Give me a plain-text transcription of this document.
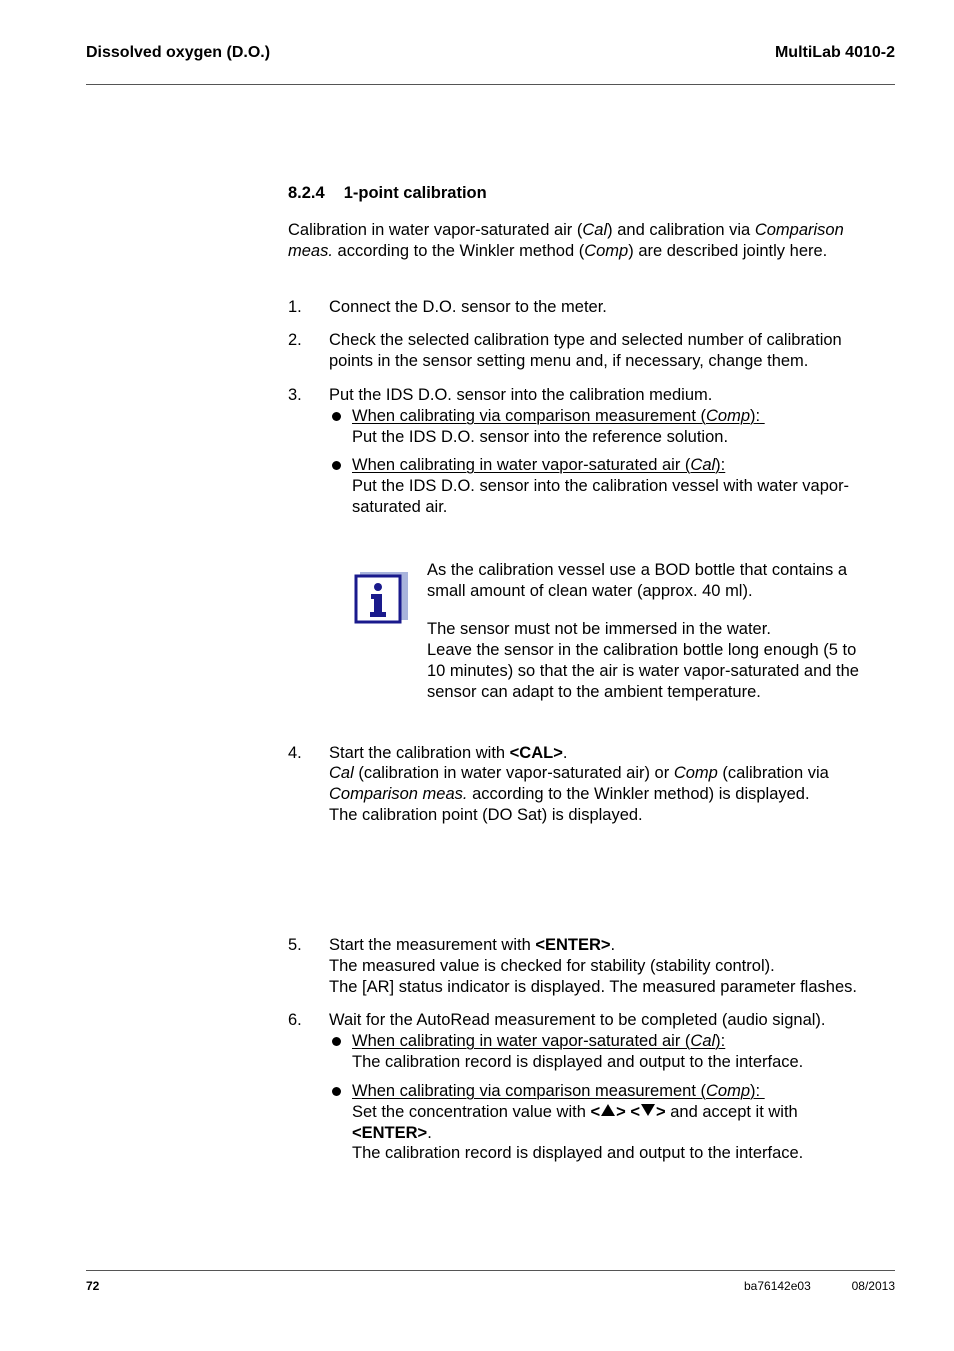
Dissolved oxygen (D.O.)	MultiLab 4010-2
8.2.4 1-point calibration
Calibration in water vapor-saturated air (Cal) and calibration via Comparison
meas. according to the Winkler method (Comp) are described jointly here.
1. Connect the D.O. sensor to the meter.
2. Check the selected calibration type and selected number of calibration
points in the sensor setting menu and, if necessary, change them.
3. Put the IDS D.O. sensor into the calibration medium.
When calibrating via comparison measurement (Comp):
Put the IDS D.O. sensor into the reference solution.
When calibrating in water vapor-saturated air (Cal):
Put the IDS D.O. sensor into the calibration vessel with water vapor-
saturated air.
As the calibration vessel use a BOD bottle that contains a
small amount of clean water (approx. 40 ml).
The sensor must not be immersed in the water.
Leave the sensor in the calibration bottle long enough (5 to
10 minutes) so that the air is water vapor-saturated and the
sensor can adapt to the ambient temperature.
4. Start the calibration with <CAL>.
Cal (calibration in water vapor-saturated air) or Comp (calibration via
Comparison meas. according to the Winkler method) is displayed.
The calibration point (DO Sat) is displayed.
5. Start the measurement with <ENTER>.
The measured value is checked for stability (stability control).
The [AR] status indicator is displayed. The measured parameter flashes.
6. Wait for the AutoRead measurement to be completed (audio signal).
When calibrating in water vapor-saturated air (Cal):
The calibration record is displayed and output to the interface.
When calibrating via comparison measurement (Comp):
Set the concentration value with < > < > and accept it with
<ENTER>.
The calibration record is displayed and output to the interface.
72	ba76142e03	08/2013
